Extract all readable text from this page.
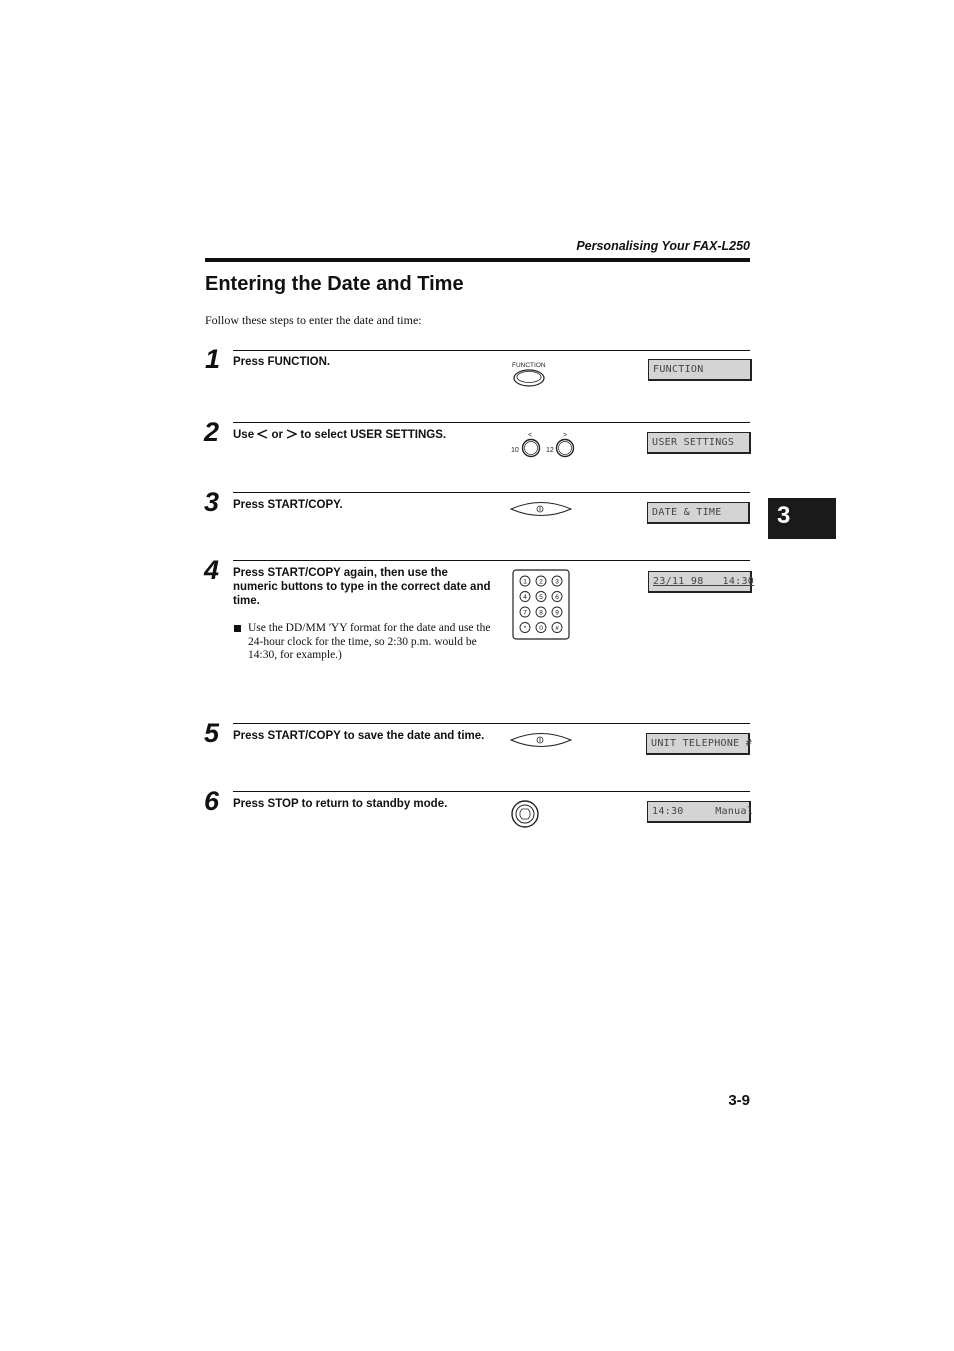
Personalising Your FAX-L250
Entering the Date and Time
Follow these steps to enter the date and time:
1 Press FUNCTION.	FUNCTION	FUNCTION
2 Use  or  to select USER SETTINGS.	<	>
10	12
USER SETTINGS
3 Press START/COPY.
DATE & TIME
4 Press START/COPY again, then use the numeric buttons to type in the correct date and time.
Use the DD/MM 'YY format for the date and use the 24-hour clock for the time, so 2:30 p.m. would be 14:30, for example.)
1 2 3
4 5 6
7 8 9
* 0 #
23/11 98   14:30
5 Press START/COPY to save the date and time.
UNIT TELEPHONE #
6 Press STOP to return to standby mode.
14:30     Manual
3
3-9
